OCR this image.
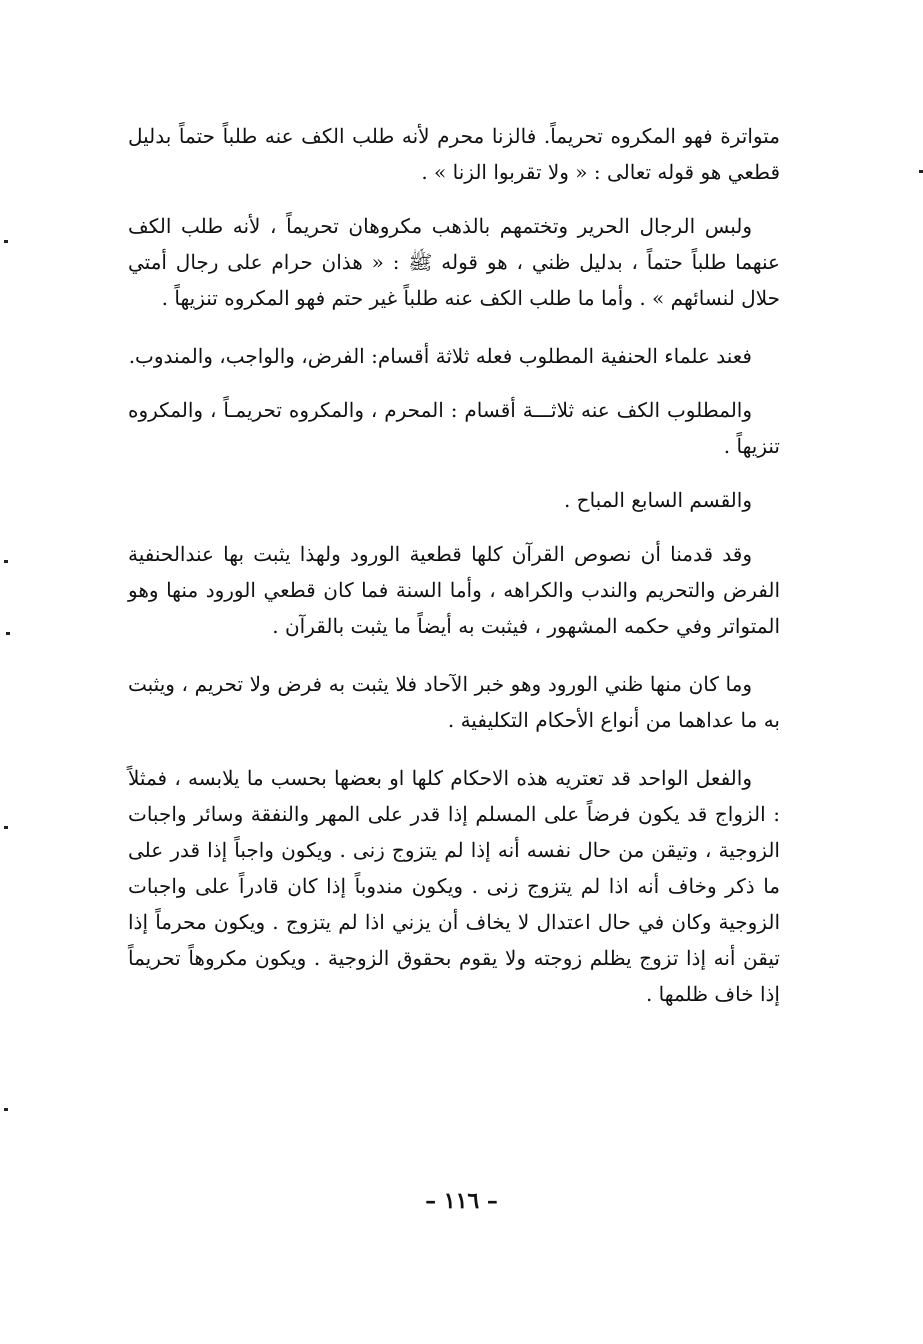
متواترة فهو المكروه تحريماً. فالزنا محرم لأنه طلب الكف عنه طلباً حتماً بدليل قطعي هو قوله تعالى : « ولا تقربوا الزنا » .

ولبس الرجال الحرير وتختمهم بالذهب مكروهان تحريماً ، لأنه طلب الكف عنهما طلباً حتماً ، بدليل ظني ، هو قوله ﷺ : « هذان حرام على رجال أمتي حلال لنسائهم » . وأما ما طلب الكف عنه طلباً غير حتم فهو المكروه تنزيهاً .

فعند علماء الحنفية المطلوب فعله ثلاثة أقسام: الفرض، والواجب، والمندوب.

والمطلوب الكف عنه ثلاثـــة أقسام : المحرم ، والمكروه تحريمـاً ، والمكروه تنزيهاً .

والقسم السابع المباح .

وقد قدمنا أن نصوص القرآن كلها قطعية الورود ولهذا يثبت بها عندالحنفية الفرض والتحريم والندب والكراهه ، وأما السنة فما كان قطعي الورود منها وهو المتواتر وفي حكمه المشهور ، فيثبت به أيضاً ما يثبت بالقرآن .

وما كان منها ظني الورود وهو خبر الآحاد فلا يثبت به فرض ولا تحريم ، ويثبت به ما عداهما من أنواع الأحكام التكليفية .

والفعل الواحد قد تعتريه هذه الاحكام كلها او بعضها بحسب ما يلابسه ، فمثلاً : الزواج قد يكون فرضاً على المسلم إذا قدر على المهر والنفقة وسائر واجبات الزوجية ، وتيقن من حال نفسه أنه إذا لم يتزوج زنى . ويكون واجباً إذا قدر على ما ذكر وخاف أنه اذا لم يتزوج زنى . ويكون مندوباً إذا كان قادراً على واجبات الزوجية وكان في حال اعتدال لا يخاف أن يزني اذا لم يتزوج . ويكون محرماً إذا تيقن أنه إذا تزوج يظلم زوجته ولا يقوم بحقوق الزوجية . ويكون مكروهاً تحريماً إذا خاف ظلمها .

– ١١٦ –
